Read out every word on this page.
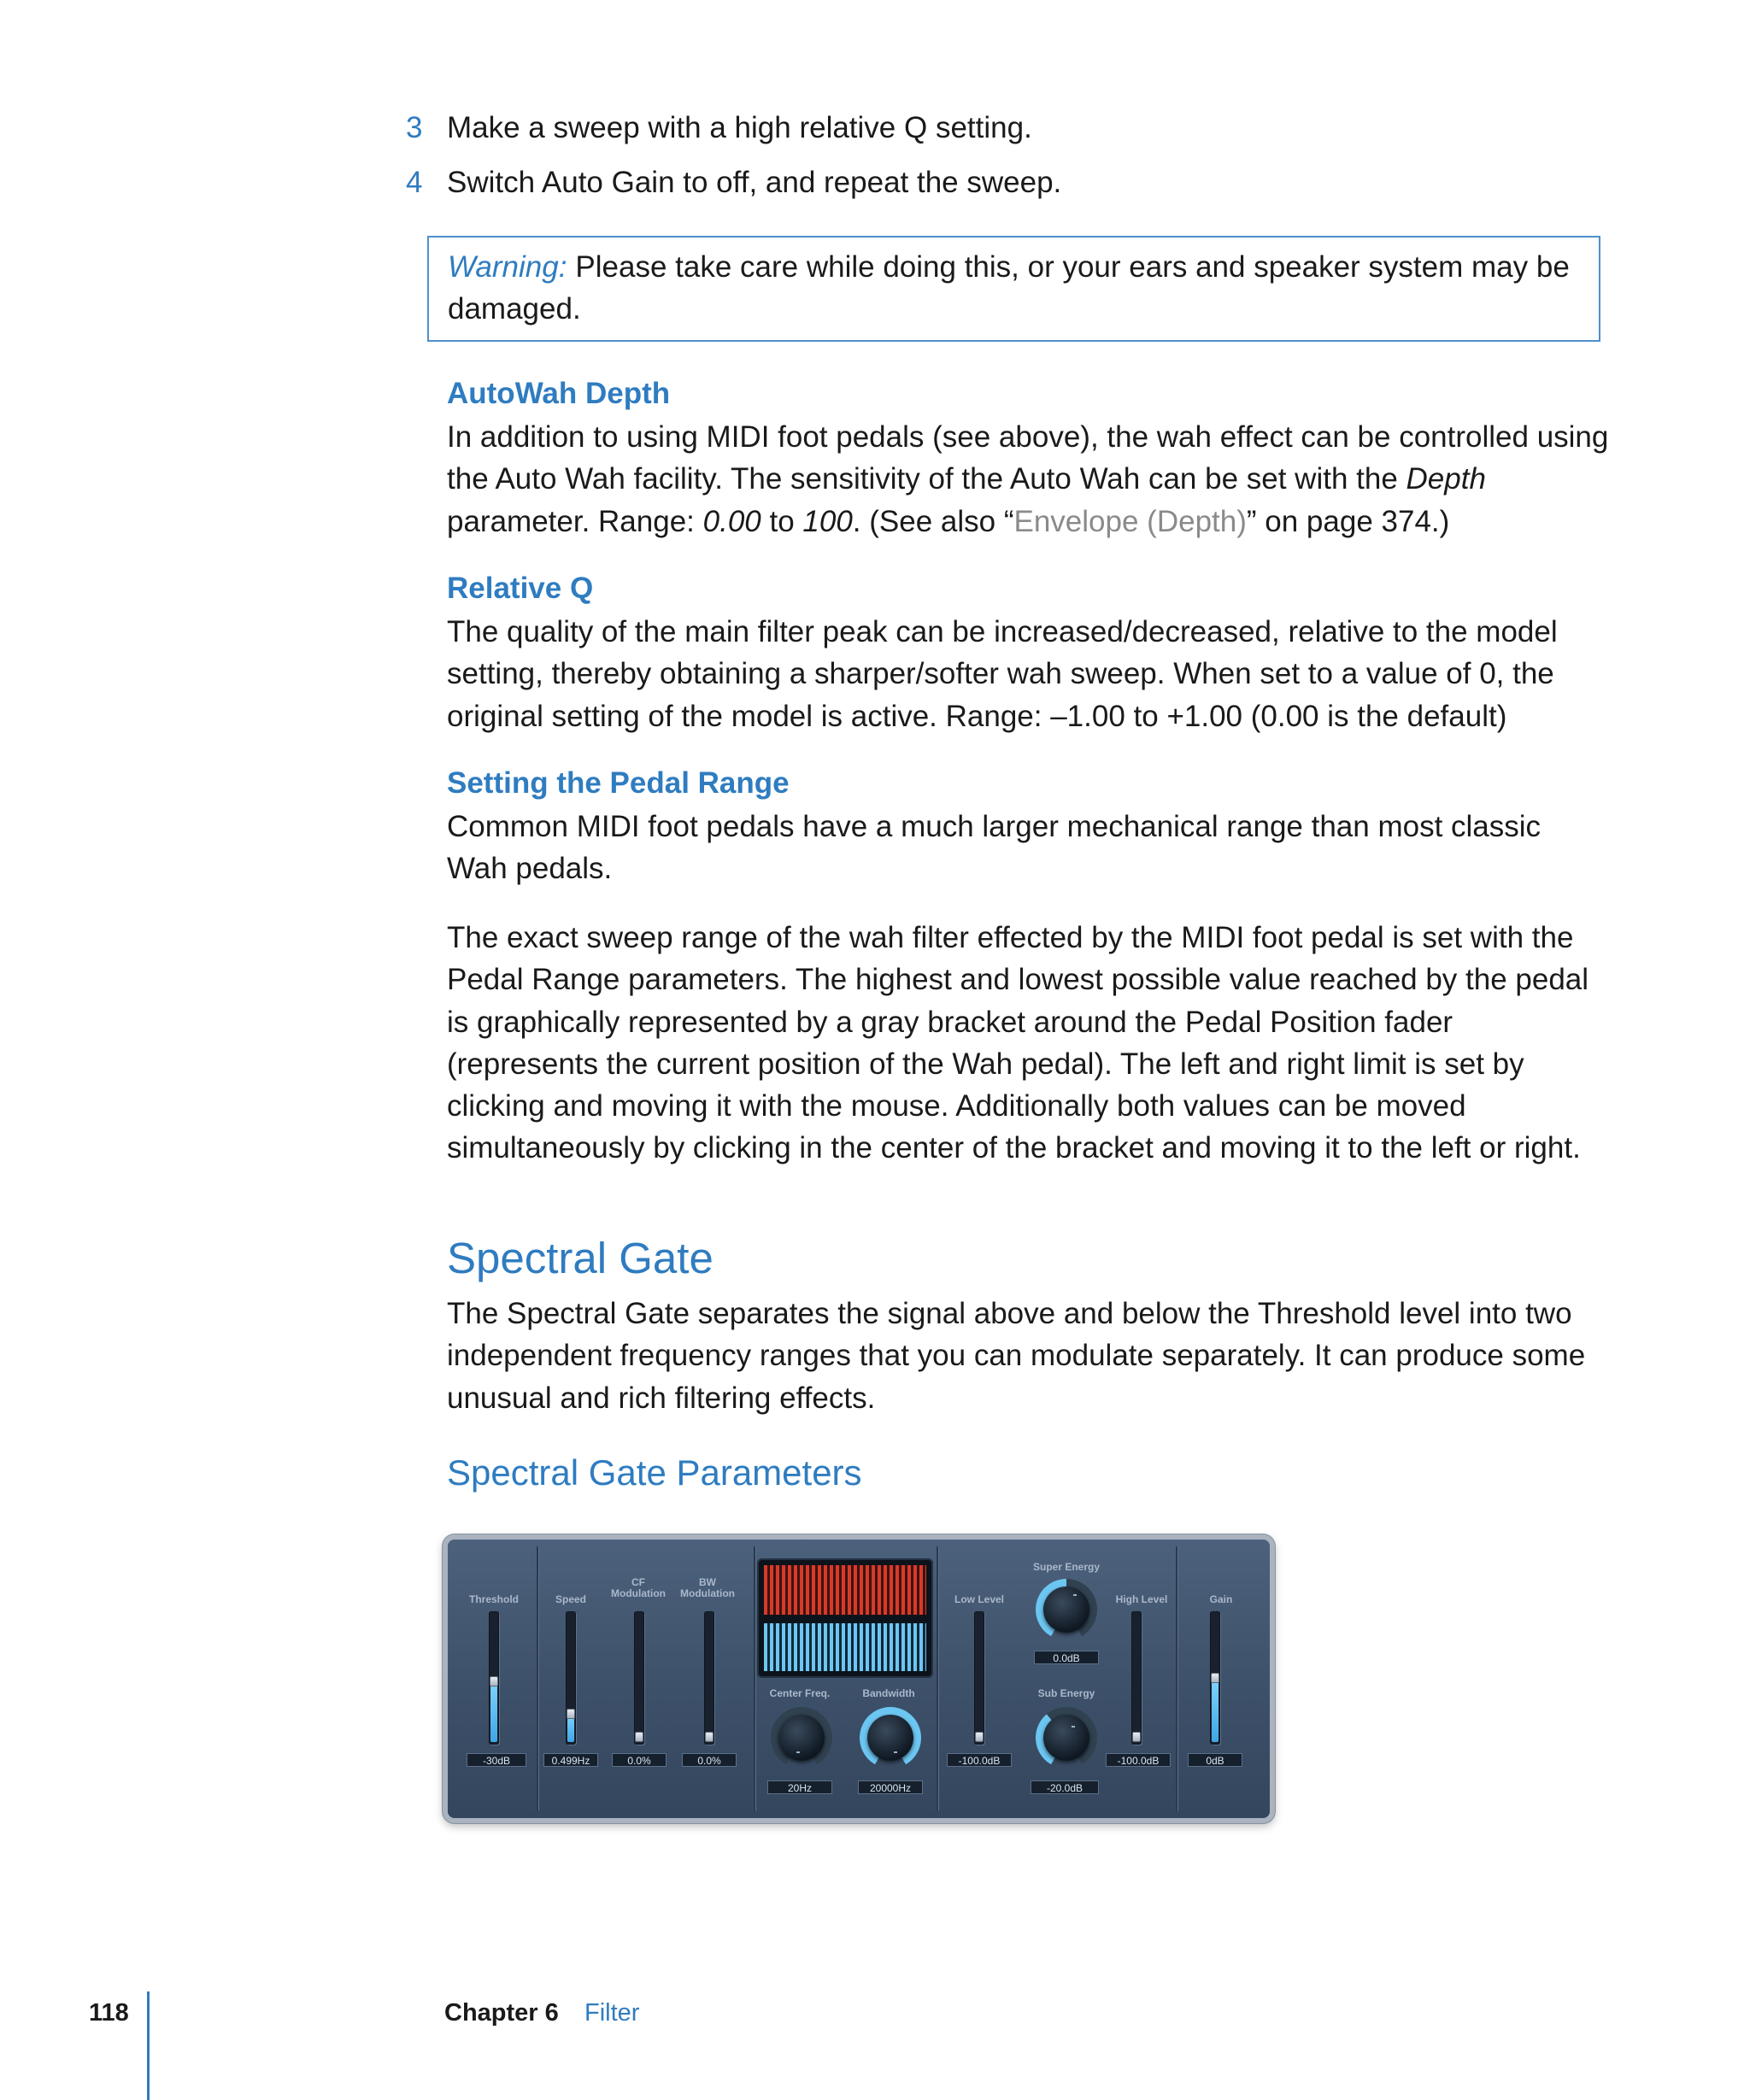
3 Make a sweep with a high relative Q setting.
4 Switch Auto Gain to off, and repeat the sweep.
Warning: Please take care while doing this, or your ears and speaker system may be damaged.
AutoWah Depth
In addition to using MIDI foot pedals (see above), the wah effect can be controlled using the Auto Wah facility. The sensitivity of the Auto Wah can be set with the Depth parameter. Range: 0.00 to 100. (See also “Envelope (Depth)” on page 374.)
Relative Q
The quality of the main filter peak can be increased/decreased, relative to the model setting, thereby obtaining a sharper/softer wah sweep. When set to a value of 0, the original setting of the model is active. Range: –1.00 to +1.00 (0.00 is the default)
Setting the Pedal Range
Common MIDI foot pedals have a much larger mechanical range than most classic Wah pedals.
The exact sweep range of the wah filter effected by the MIDI foot pedal is set with the Pedal Range parameters. The highest and lowest possible value reached by the pedal is graphically represented by a gray bracket around the Pedal Position fader (represents the current position of the Wah pedal). The left and right limit is set by clicking and moving it with the mouse. Additionally both values can be moved simultaneously by clicking in the center of the bracket and moving it to the left or right.
Spectral Gate
The Spectral Gate separates the signal above and below the Threshold level into two independent frequency ranges that you can modulate separately. It can produce some unusual and rich filtering effects.
Spectral Gate Parameters
Threshold
-30dB
Speed
0.499Hz
CF
Modulation
0.0%
BW
Modulation
0.0%
Center Freq.
20Hz
Bandwidth
20000Hz
Low Level
-100.0dB
Super Energy
0.0dB
Sub Energy
-20.0dB
High Level
-100.0dB
Gain
0dB
118	Chapter 6 Filter
